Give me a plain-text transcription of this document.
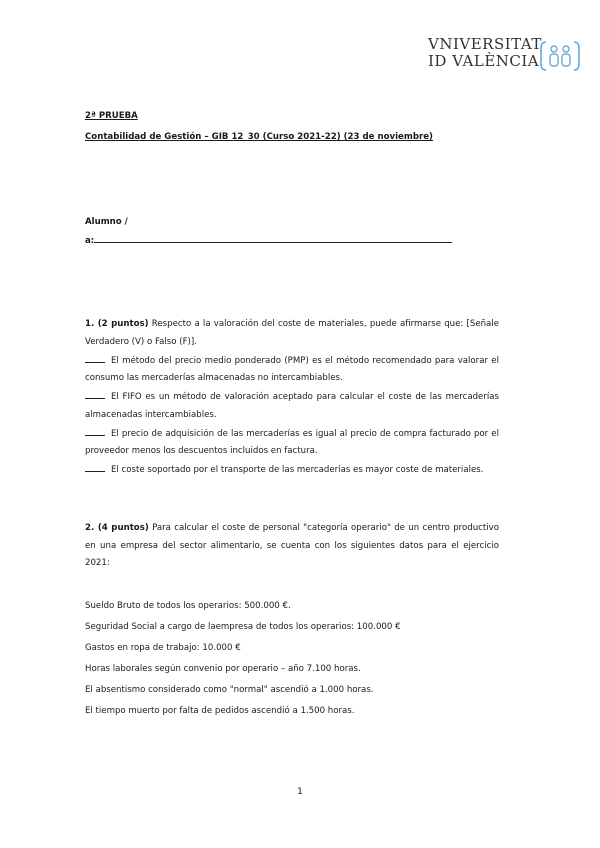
VNIVERSITAT
ID VALÈNCIA
2ª PRUEBA
Contabilidad de Gestión – GIB 12_30 (Curso 2021-22) (23 de noviembre)
Alumno /
a:

1. (2 puntos) Respecto a la valoración del coste de materiales, puede afirmarse que: [Señale Verdadero (V) o Falso (F)].

El método del precio medio ponderado (PMP) es el método recomendado para valorar el consumo las mercaderías almacenadas no intercambiables.

El FIFO es un método de valoración aceptado para calcular el coste de las mercaderías almacenadas intercambiables.

El precio de adquisición de las mercaderías es igual al precio de compra facturado por el proveedor menos los descuentos incluidos en factura.

El coste soportado por el transporte de las mercaderías es mayor coste de materiales.

2. (4 puntos) Para calcular el coste de personal "categoría operario" de un centro productivo en una empresa del sector alimentario, se cuenta con los siguientes datos para el ejercicio 2021:

Sueldo Bruto de todos los operarios: 500.000 €.
Seguridad Social a cargo de laempresa de todos los operarios: 100.000 €
Gastos en ropa de trabajo: 10.000 €
Horas laborales según convenio por operario – año 7.100 horas.
El absentismo considerado como "normal" ascendió a 1.000 horas.
El tiempo muerto por falta de pedidos ascendió a 1.500 horas.
1
